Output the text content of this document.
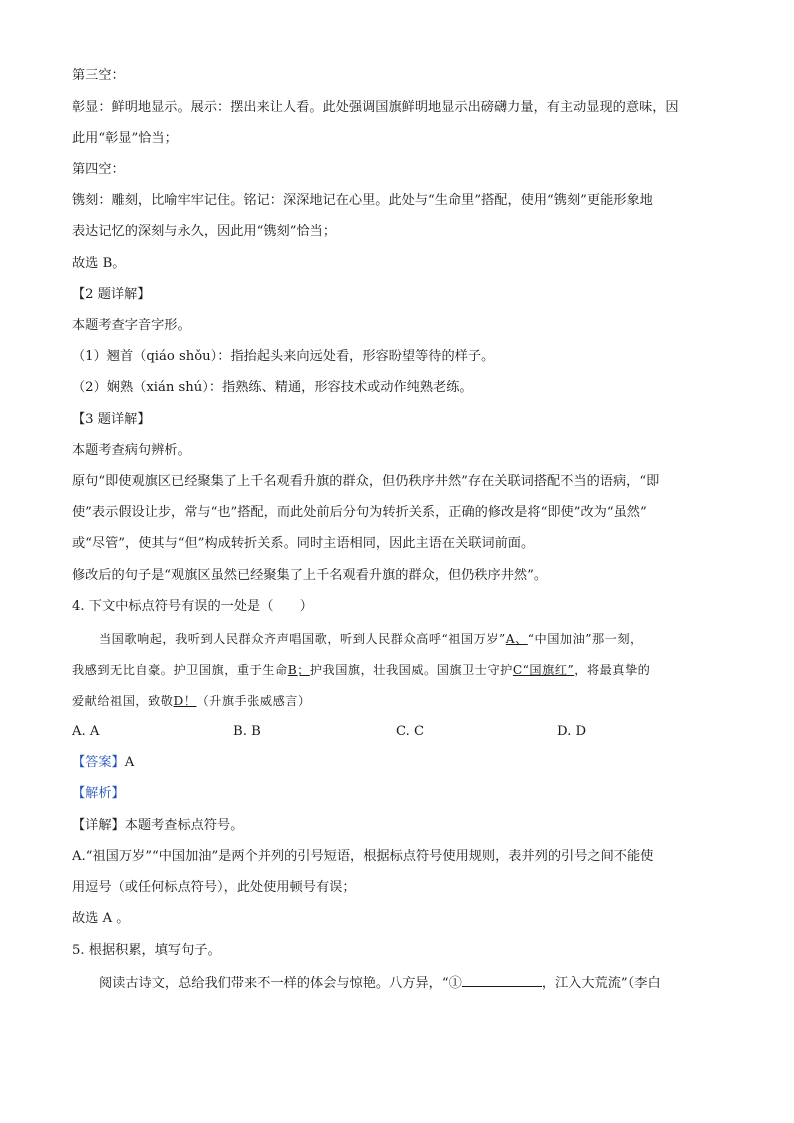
第三空：
彰显：鲜明地显示。展示：摆出来让人看。此处强调国旗鲜明地显示出磅礴力量，有主动显现的意味，因
此用“彰显”恰当；
第四空：
镌刻：雕刻，比喻牢牢记住。铭记：深深地记在心里。此处与“生命里”搭配，使用“镌刻”更能形象地
表达记忆的深刻与永久，因此用“镌刻”恰当；
故选 B。
【2 题详解】
本题考查字音字形。
（1）翘首（qiáo shǒu）：指抬起头来向远处看，形容盼望等待的样子。
（2）娴熟（xián shú）：指熟练、精通，形容技术或动作纯熟老练。
【3 题详解】
本题考查病句辨析。
原句“即使观旗区已经聚集了上千名观看升旗的群众，但仍秩序井然”存在关联词搭配不当的语病，“即
使”表示假设让步，常与“也”搭配，而此处前后分句为转折关系，正确的修改是将“即使”改为“虽然”
或“尽管”，使其与“但”构成转折关系。同时主语相同，因此主语在关联词前面。
修改后的句子是“观旗区虽然已经聚集了上千名观看升旗的群众，但仍秩序井然”。
4. 下文中标点符号有误的一处是（　　）
当国歌响起，我听到人民群众齐声唱国歌，听到人民群众高呼“祖国万岁”A、“中国加油”那一刻，
我感到无比自豪。护卫国旗，重于生命B；护我国旗，壮我国威。国旗卫士守护C“国旗红”，将最真挚的
爱献给祖国，致敬D！（升旗手张威感言）
A. A	B. B	C. C	D. D
【答案】A
【解析】
【详解】本题考查标点符号。
A.“祖国万岁”“中国加油”是两个并列的引号短语，根据标点符号使用规则，表并列的引号之间不能使
用逗号（或任何标点符号），此处使用顿号有误；
故选 A 。
5. 根据积累，填写句子。
阅读古诗文，总给我们带来不一样的体会与惊艳。八方异，“①	，江入大荒流”（李白
